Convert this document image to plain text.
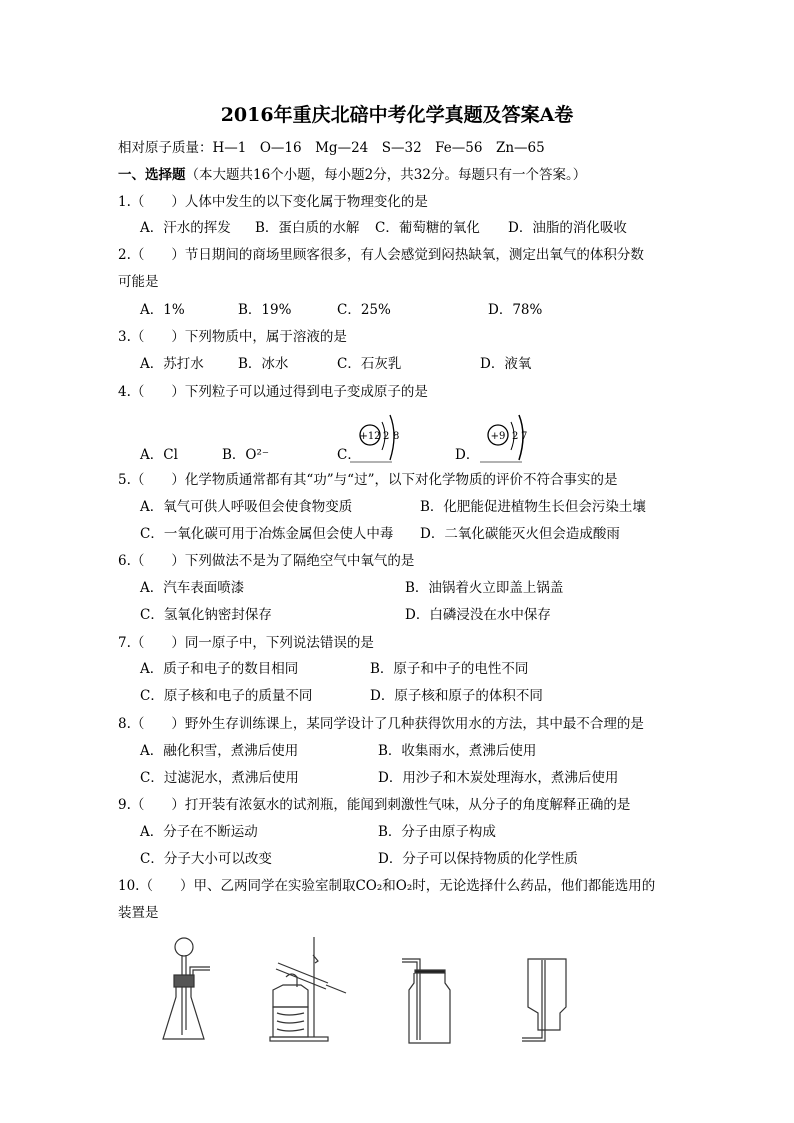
2016年重庆北碚中考化学真题及答案A卷
相对原子质量：H—1　O—16　Mg—24　S—32　Fe—56　Zn—65
一、选择题（本大题共16个小题，每小题2分，共32分。每题只有一个答案。）
1.（　　）人体中发生的以下变化属于物理变化的是
A．汗水的挥发 B．蛋白质的水解 C．葡萄糖的氧化 D．油脂的消化吸收
2.（　　）节日期间的商场里顾客很多，有人会感觉到闷热缺氧，测定出氧气的体积分数
可能是
A．1%	B．19%	C．25%	D．78%
3.（　　）下列物质中，属于溶液的是
A．苏打水	B．冰水	C．石灰乳	D．液氧
4.（　　）下列粒子可以通过得到电子变成原子的是
A．Cl	B．O²⁻	C．	D．
+12 2 8	+9 2 7
5.（　　）化学物质通常都有其“功”与“过”，以下对化学物质的评价不符合事实的是
A．氧气可供人呼吸但会使食物变质	B．化肥能促进植物生长但会污染土壤
C．一氧化碳可用于冶炼金属但会使人中毒 D．二氧化碳能灭火但会造成酸雨
6.（　　）下列做法不是为了隔绝空气中氧气的是
A．汽车表面喷漆	B．油锅着火立即盖上锅盖
C．氢氧化钠密封保存	D．白磷浸没在水中保存
7.（　　）同一原子中，下列说法错误的是
A．质子和电子的数目相同	B．原子和中子的电性不同
C．原子核和电子的质量不同	D．原子核和原子的体积不同
8.（　　）野外生存训练课上，某同学设计了几种获得饮用水的方法，其中最不合理的是
A．融化积雪，煮沸后使用	B．收集雨水，煮沸后使用
C．过滤泥水，煮沸后使用	D．用沙子和木炭处理海水，煮沸后使用
9.（　　）打开装有浓氨水的试剂瓶，能闻到刺激性气味，从分子的角度解释正确的是
A．分子在不断运动	B．分子由原子构成
C．分子大小可以改变	D．分子可以保持物质的化学性质
10.（　　）甲、乙两同学在实验室制取CO₂和O₂时，无论选择什么药品，他们都能选用的
装置是
